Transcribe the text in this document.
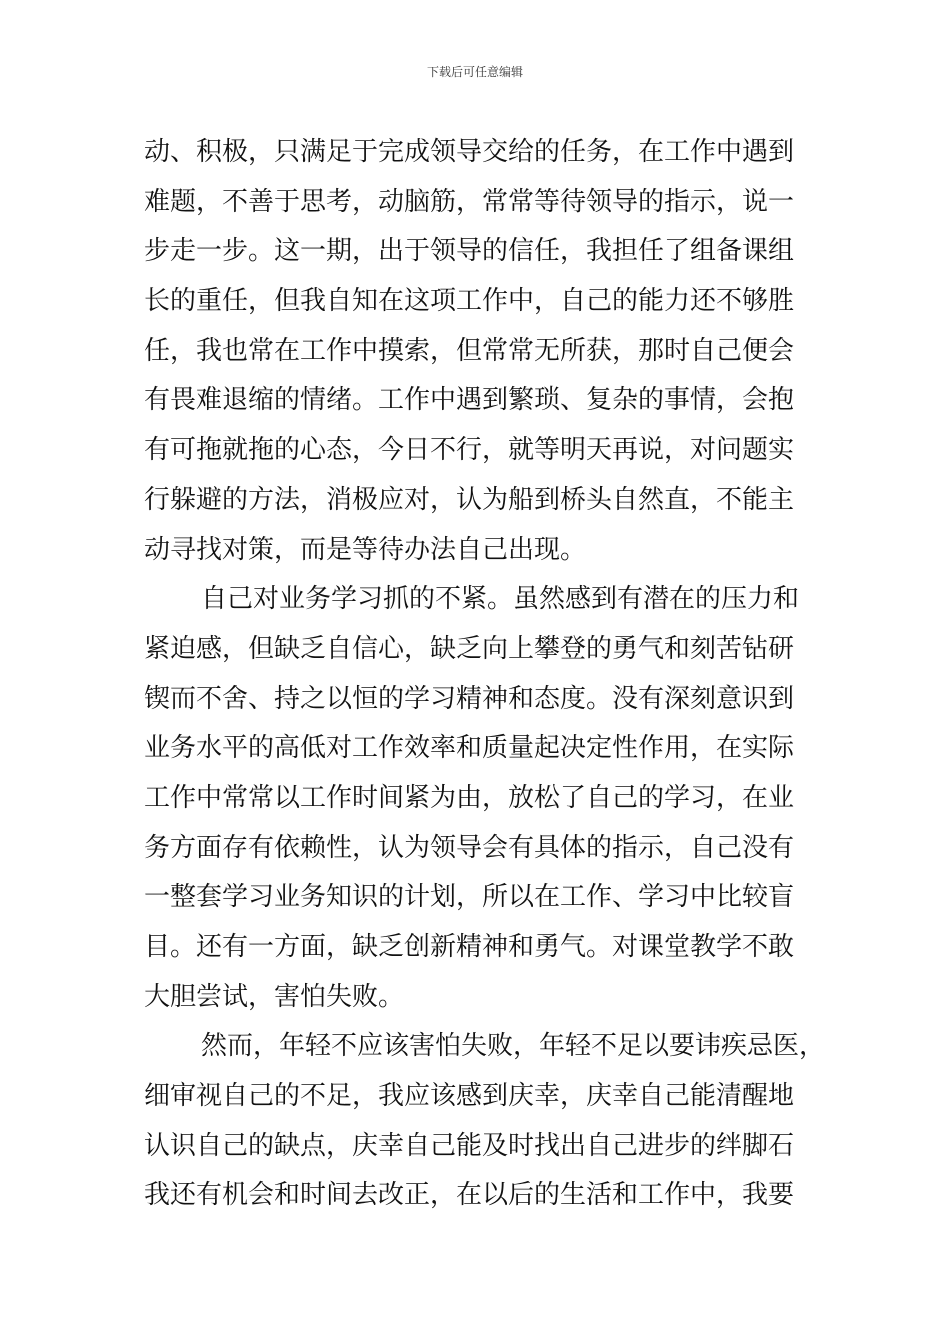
下载后可任意编辑
动、积极，只满足于完成领导交给的任务，在工作中遇到
难题，不善于思考，动脑筋，常常等待领导的指示，说一
步走一步。这一期，出于领导的信任，我担任了组备课组
长的重任，但我自知在这项工作中，自己的能力还不够胜
任，我也常在工作中摸索，但常常无所获，那时自己便会
有畏难退缩的情绪。工作中遇到繁琐、复杂的事情，会抱
有可拖就拖的心态，今日不行，就等明天再说，对问题实
行躲避的方法，消极应对，认为船到桥头自然直，不能主
动寻找对策，而是等待办法自己出现。
自己对业务学习抓的不紧。虽然感到有潜在的压力和
紧迫感，但缺乏自信心，缺乏向上攀登的勇气和刻苦钻研
锲而不舍、持之以恒的学习精神和态度。没有深刻意识到
业务水平的高低对工作效率和质量起决定性作用，在实际
工作中常常以工作时间紧为由，放松了自己的学习，在业
务方面存有依赖性，认为领导会有具体的指示，自己没有
一整套学习业务知识的计划，所以在工作、学习中比较盲
目。还有一方面，缺乏创新精神和勇气。对课堂教学不敢
大胆尝试，害怕失败。
然而，年轻不应该害怕失败，年轻不足以要讳疾忌医，
细审视自己的不足，我应该感到庆幸，庆幸自己能清醒地
认识自己的缺点，庆幸自己能及时找出自己进步的绊脚石
我还有机会和时间去改正，在以后的生活和工作中，我要
